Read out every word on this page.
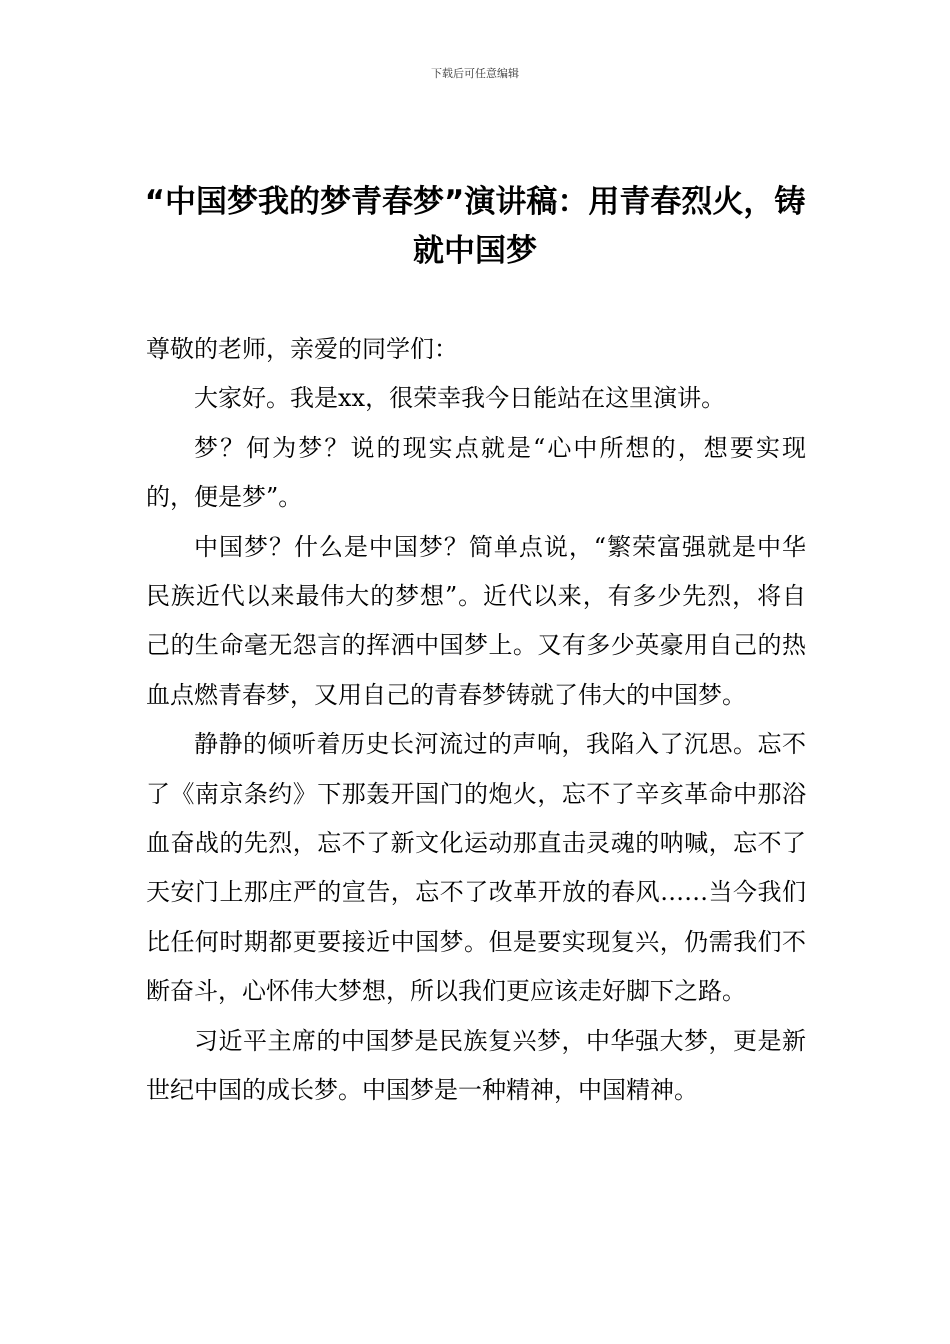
下载后可任意编辑
“中国梦我的梦青春梦”演讲稿：用青春烈火，铸就中国梦

尊敬的老师，亲爱的同学们：

大家好。我是xx，很荣幸我今日能站在这里演讲。

梦？何为梦？说的现实点就是“心中所想的，想要实现的，便是梦”。

中国梦？什么是中国梦？简单点说，“繁荣富强就是中华民族近代以来最伟大的梦想”。近代以来，有多少先烈，将自己的生命毫无怨言的挥洒中国梦上。又有多少英豪用自己的热血点燃青春梦，又用自己的青春梦铸就了伟大的中国梦。

静静的倾听着历史长河流过的声响，我陷入了沉思。忘不了《南京条约》下那轰开国门的炮火，忘不了辛亥革命中那浴血奋战的先烈，忘不了新文化运动那直击灵魂的呐喊，忘不了天安门上那庄严的宣告，忘不了改革开放的春风……当今我们比任何时期都更要接近中国梦。但是要实现复兴，仍需我们不断奋斗，心怀伟大梦想，所以我们更应该走好脚下之路。

习近平主席的中国梦是民族复兴梦，中华强大梦，更是新世纪中国的成长梦。中国梦是一种精神，中国精神。
